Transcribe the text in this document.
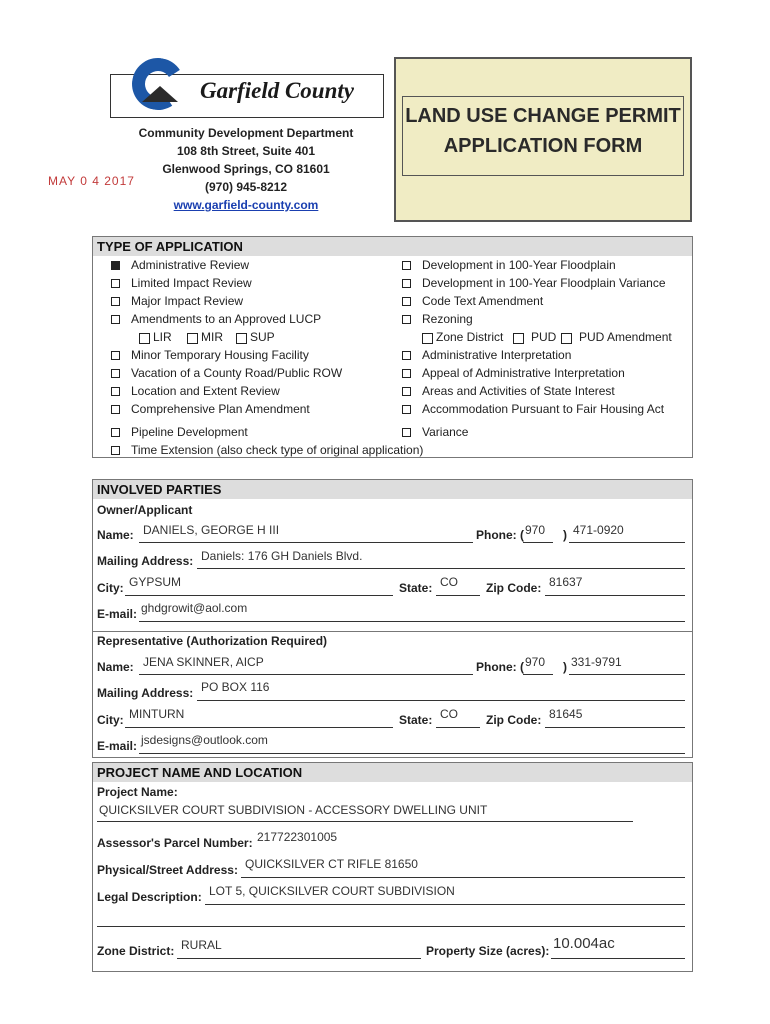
Garfield County
Community Development Department
108 8th Street, Suite 401
Glenwood Springs, CO 81601
(970) 945-8212
www.garfield-county.com
MAY 0 4 2017
LAND USE CHANGE PERMIT
APPLICATION FORM
TYPE OF APPLICATION
Administrative Review
Limited Impact Review
Major Impact Review
Amendments to an Approved LUCP
LIR MIR SUP
Minor Temporary Housing Facility
Vacation of a County Road/Public ROW
Location and Extent Review
Comprehensive Plan Amendment
Pipeline Development
Time Extension (also check type of original application)
Development in 100-Year Floodplain
Development in 100-Year Floodplain Variance
Code Text Amendment
Rezoning
Zone District PUD PUD Amendment
Administrative Interpretation
Appeal of Administrative Interpretation
Areas and Activities of State Interest
Accommodation Pursuant to Fair Housing Act
Variance
INVOLVED PARTIES
Owner/Applicant
Name: DANIELS, GEORGE H III	Phone: ( 970 ) 471-0920
Mailing Address: Daniels: 176 GH Daniels Blvd.
City: GYPSUM	State: CO Zip Code: 81637
E-mail: ghdgrowit@aol.com
Representative (Authorization Required)
Name: JENA SKINNER, AICP	Phone: ( 970 ) 331-9791
Mailing Address: PO BOX 116
City: MINTURN	State: CO Zip Code: 81645
E-mail: jsdesigns@outlook.com
PROJECT NAME AND LOCATION
Project Name:
QUICKSILVER COURT SUBDIVISION - ACCESSORY DWELLING UNIT
Assessor's Parcel Number: 217722301005
Physical/Street Address: QUICKSILVER CT RIFLE 81650
Legal Description: LOT 5, QUICKSILVER COURT SUBDIVISION
Zone District: RURAL	Property Size (acres): 10.004ac
